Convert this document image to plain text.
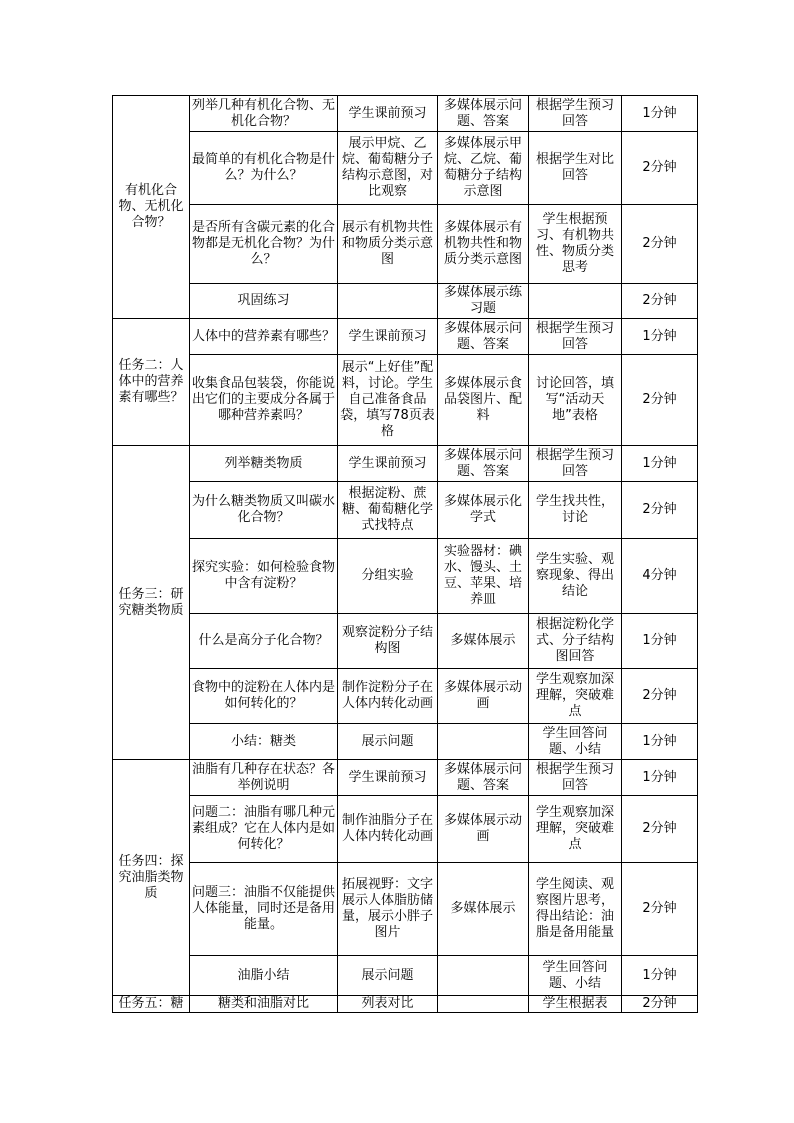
有机化合物、无机化合物？	列举几种有机化合物、无机化合物？	学生课前预习	多媒体展示问题、答案	根据学生预习回答	1分钟
	最简单的有机化合物是什么？为什么？	展示甲烷、乙烷、葡萄糖分子结构示意图，对比观察	多媒体展示甲烷、乙烷、葡萄糖分子结构示意图	根据学生对比回答	2分钟
	是否所有含碳元素的化合物都是无机化合物？为什么？	展示有机物共性和物质分类示意图	多媒体展示有机物共性和物质分类示意图	学生根据预习、有机物共性、物质分类思考	2分钟
	巩固练习		多媒体展示练习题		2分钟
任务二：人体中的营养素有哪些？	人体中的营养素有哪些？	学生课前预习	多媒体展示问题、答案	根据学生预习回答	1分钟
	收集食品包装袋，你能说出它们的主要成分各属于哪种营养素吗？	展示“上好佳”配料，讨论。学生自己准备食品袋，填写78页表格	多媒体展示食品袋图片、配料	讨论回答，填写“活动天地”表格	2分钟
任务三：研究糖类物质	列举糖类物质	学生课前预习	多媒体展示问题、答案	根据学生预习回答	1分钟
	为什么糖类物质又叫碳水化合物？	根据淀粉、蔗糖、葡萄糖化学式找特点	多媒体展示化学式	学生找共性，讨论	2分钟
	探究实验：如何检验食物中含有淀粉？	分组实验	实验器材：碘水、馒头、土豆、苹果、培养皿	学生实验、观察现象、得出结论	4分钟
	什么是高分子化合物？	观察淀粉分子结构图	多媒体展示	根据淀粉化学式、分子结构图回答	1分钟
	食物中的淀粉在人体内是如何转化的？	制作淀粉分子在人体内转化动画	多媒体展示动画	学生观察加深理解，突破难点	2分钟
	小结：糖类	展示问题		学生回答问题、小结	1分钟
任务四：探究油脂类物质	油脂有几种存在状态？各举例说明	学生课前预习	多媒体展示问题、答案	根据学生预习回答	1分钟
	问题二：油脂有哪几种元素组成？它在人体内是如何转化？	制作油脂分子在人体内转化动画	多媒体展示动画	学生观察加深理解，突破难点	2分钟
	问题三：油脂不仅能提供人体能量，同时还是备用能量。	拓展视野：文字展示人体脂肪储量，展示小胖子图片	多媒体展示	学生阅读、观察图片思考，得出结论：油脂是备用能量	2分钟
	油脂小结	展示问题		学生回答问题、小结	1分钟
任务五：糖	糖类和油脂对比	列表对比		学生根据表	2分钟
